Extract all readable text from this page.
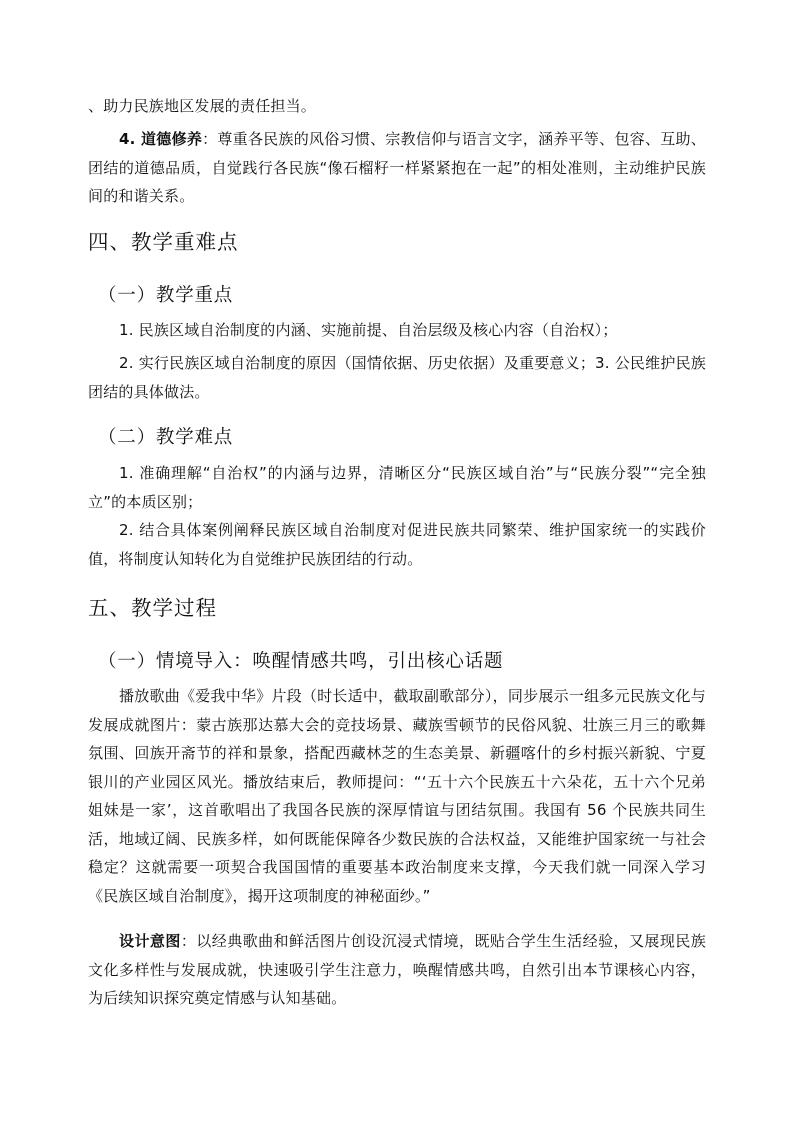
、助力民族地区发展的责任担当。

4. 道德修养：尊重各民族的风俗习惯、宗教信仰与语言文字，涵养平等、包容、互助、团结的道德品质，自觉践行各民族“像石榴籽一样紧紧抱在一起”的相处准则，主动维护民族间的和谐关系。

四、教学重难点
（一）教学重点

1. 民族区域自治制度的内涵、实施前提、自治层级及核心内容（自治权）；

2. 实行民族区域自治制度的原因（国情依据、历史依据）及重要意义；3. 公民维护民族团结的具体做法。

（二）教学难点

1. 准确理解“自治权”的内涵与边界，清晰区分“民族区域自治”与“民族分裂”“完全独立”的本质区别；

2. 结合具体案例阐释民族区域自治制度对促进民族共同繁荣、维护国家统一的实践价值，将制度认知转化为自觉维护民族团结的行动。

五、教学过程
（一）情境导入：唤醒情感共鸣，引出核心话题

播放歌曲《爱我中华》片段（时长适中，截取副歌部分），同步展示一组多元民族文化与发展成就图片：蒙古族那达慕大会的竞技场景、藏族雪顿节的民俗风貌、壮族三月三的歌舞氛围、回族开斋节的祥和景象，搭配西藏林芝的生态美景、新疆喀什的乡村振兴新貌、宁夏银川的产业园区风光。播放结束后，教师提问：“‘五十六个民族五十六朵花，五十六个兄弟姐妹是一家’，这首歌唱出了我国各民族的深厚情谊与团结氛围。我国有 56 个民族共同生活，地域辽阔、民族多样，如何既能保障各少数民族的合法权益，又能维护国家统一与社会稳定？这就需要一项契合我国国情的重要基本政治制度来支撑，今天我们就一同深入学习《民族区域自治制度》，揭开这项制度的神秘面纱。”

设计意图：以经典歌曲和鲜活图片创设沉浸式情境，既贴合学生生活经验，又展现民族文化多样性与发展成就，快速吸引学生注意力，唤醒情感共鸣，自然引出本节课核心内容，为后续知识探究奠定情感与认知基础。
